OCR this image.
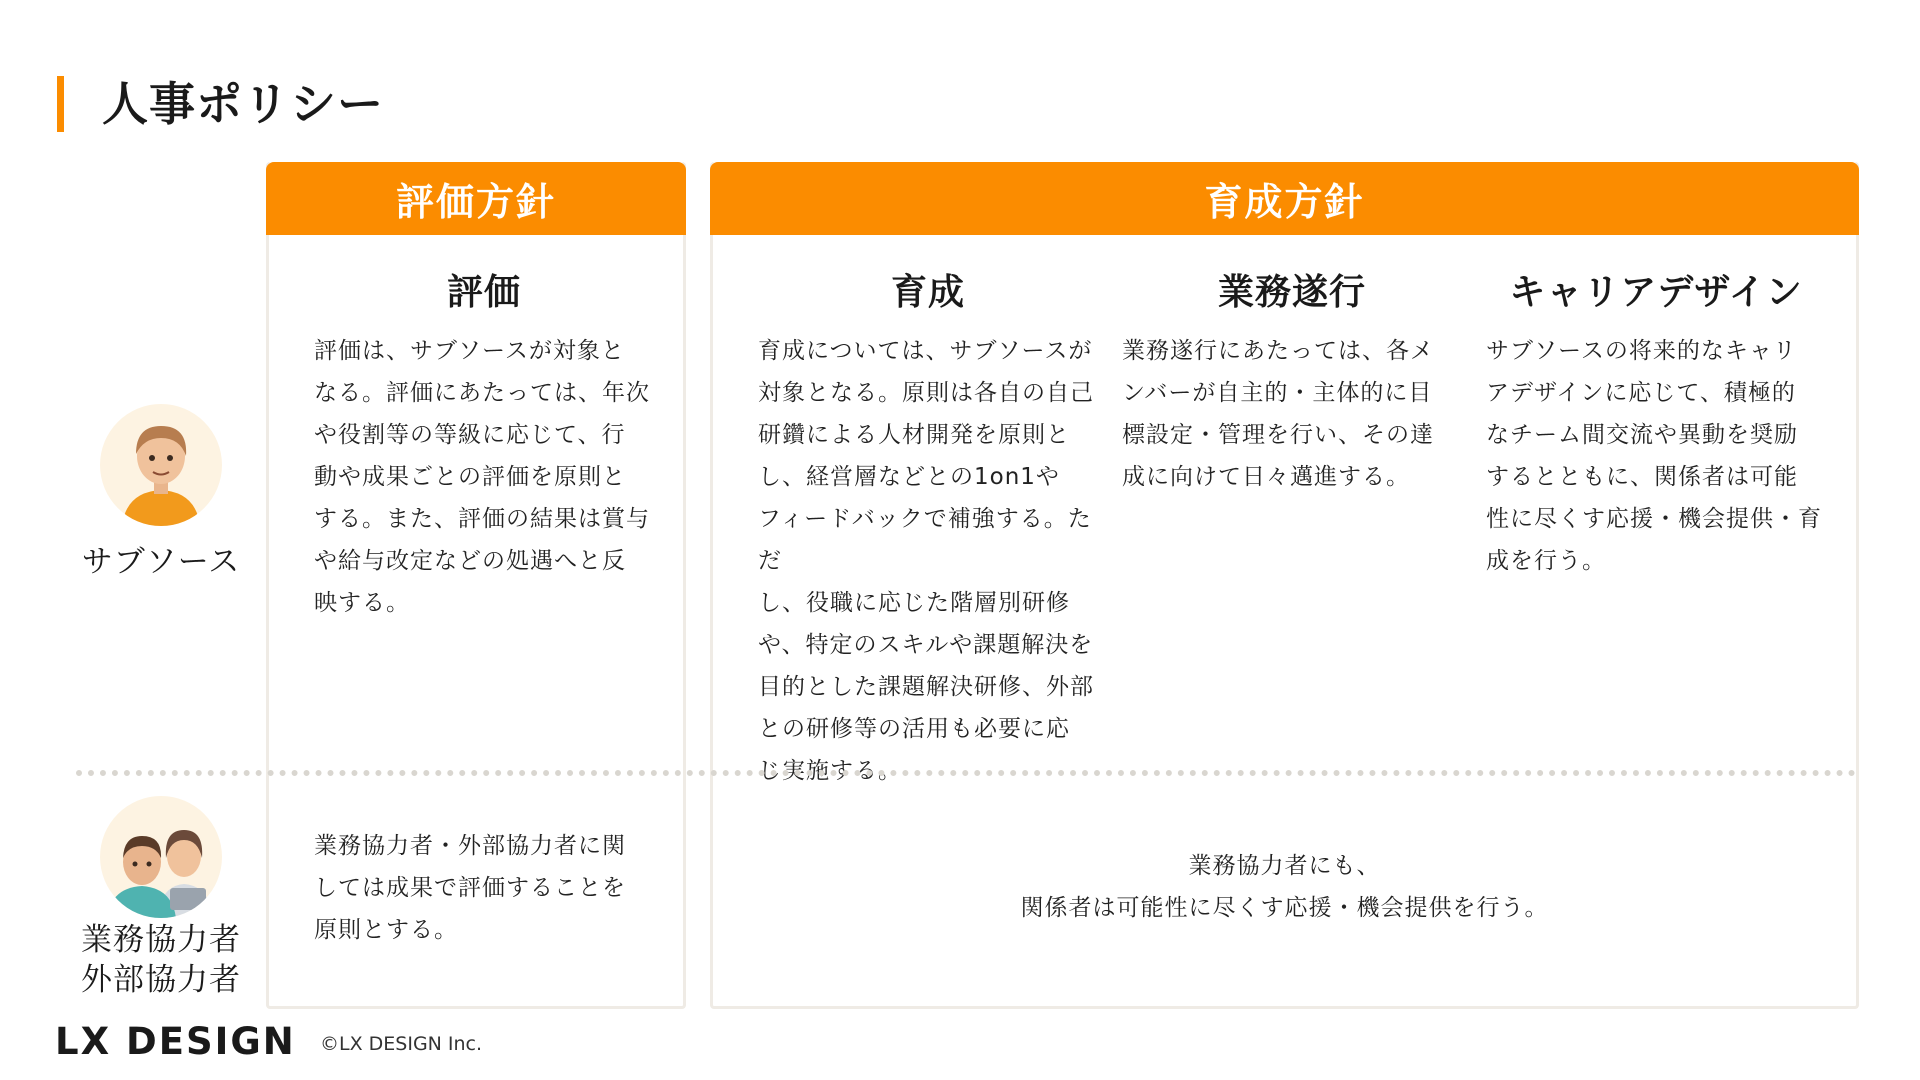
人事ポリシー
評価方針
評価
評価は、サブソースが対象と
なる。評価にあたっては、年次
や役割等の等級に応じて、行
動や成果ごとの評価を原則と
する。また、評価の結果は賞与
や給与改定などの処遇へと反
映する。
業務協力者・外部協力者に関
しては成果で評価することを
原則とする。
育成方針
育成
育成については、サブソースが
対象となる。原則は各自の自己
研鑽による人材開発を原則と
し、経営層などとの1on1や
フィードバックで補強する。ただ
し、役職に応じた階層別研修
や、特定のスキルや課題解決を
目的とした課題解決研修、外部
との研修等の活用も必要に応
じ実施する。
業務遂行
業務遂行にあたっては、各メ
ンバーが自主的・主体的に目
標設定・管理を行い、その達
成に向けて日々邁進する。
キャリアデザイン
サブソースの将来的なキャリ
アデザインに応じて、積極的
なチーム間交流や異動を奨励
するとともに、関係者は可能
性に尽くす応援・機会提供・育
成を行う。
業務協力者にも、
関係者は可能性に尽くす応援・機会提供を行う。
サブソース
業務協力者
外部協力者
LX DESIGN ©LX DESIGN Inc.
